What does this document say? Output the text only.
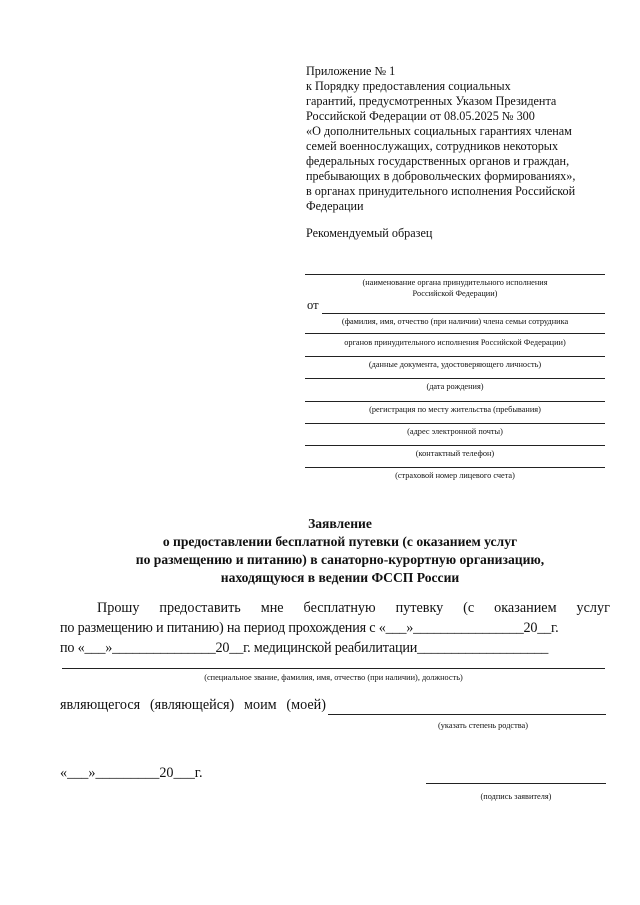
Приложение № 1
к Порядку предоставления социальных
гарантий, предусмотренных Указом Президента
Российской Федерации от 08.05.2025 № 300
«О дополнительных социальных гарантиях членам
семей военнослужащих, сотрудников некоторых
федеральных государственных органов и граждан,
пребывающих в добровольческих формированиях»,
в органах принудительного исполнения Российской
Федерации
Рекомендуемый образец
(наименование органа принудительного исполнения
Российской Федерации)
от
(фамилия, имя, отчество (при наличии) члена семьи сотрудника
органов принудительного исполнения Российской Федерации)
(данные документа, удостоверяющего личность)
(дата рождения)
(регистрация по месту жительства (пребывания)
(адрес электронной почты)
(контактный телефон)
(страховой номер лицевого счета)
Заявление
о предоставлении бесплатной путевки (с оказанием услуг
по размещению и питанию) в санаторно-курортную организацию,
находящуюся в ведении ФССП России
Прошу предоставить мне бесплатную путевку (с оказанием услуг
по размещению и питанию) на период прохождения с «___»________________20__г.
по «___»_______________20__г. медицинской реабилитации___________________
(специальное звание, фамилия, имя, отчество (при наличии), должность)
являющегося (являющейся) моим (моей)
(указать степень родства)
«___»_________20___г.
(подпись заявителя)
